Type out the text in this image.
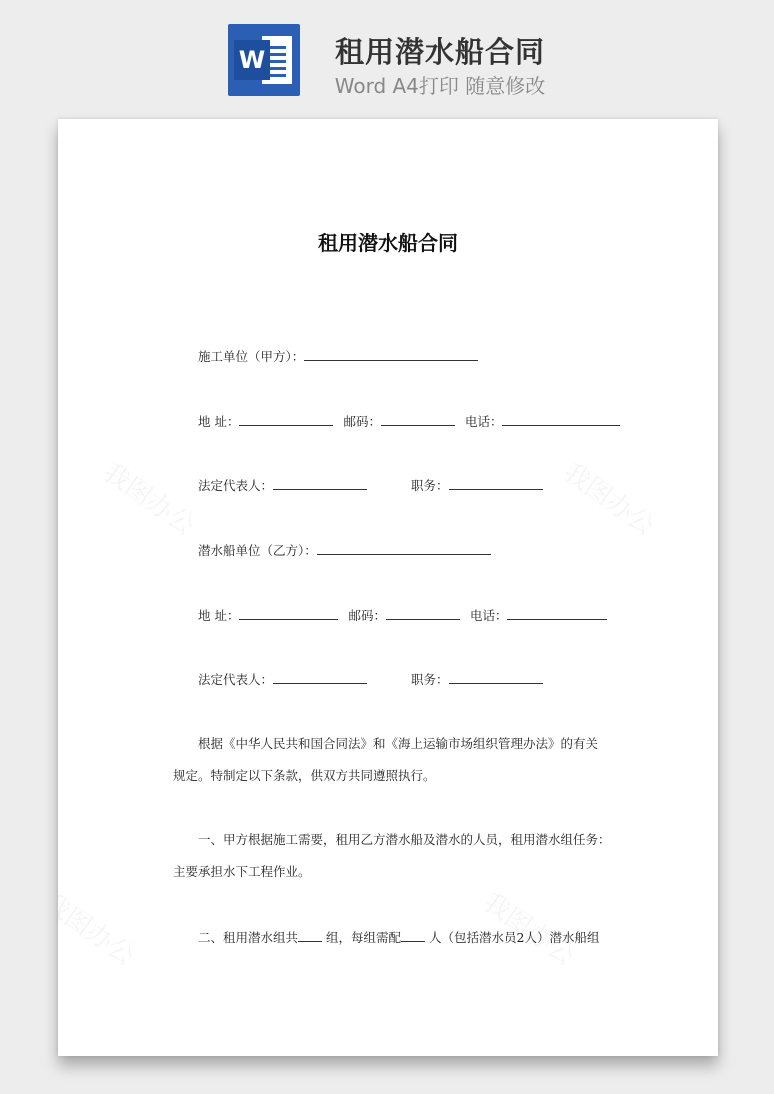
W	租用潜水船合同
Word A4打印 随意修改
租用潜水船合同
施工单位（甲方）：
地 址：	邮码：	电话：
法定代表人：	职务：
潜水船单位（乙方）：
地 址：	邮码：	电话：
法定代表人：	职务：
根据《中华人民共和国合同法》和《海上运输市场组织管理办法》的有关
规定。特制定以下条款，供双方共同遵照执行。
一、甲方根据施工需要，租用乙方潜水船及潜水的人员，租用潜水组任务：
主要承担水下工程作业。
二、租用潜水组共 组，每组需配 人（包括潜水员2人）潜水船组
